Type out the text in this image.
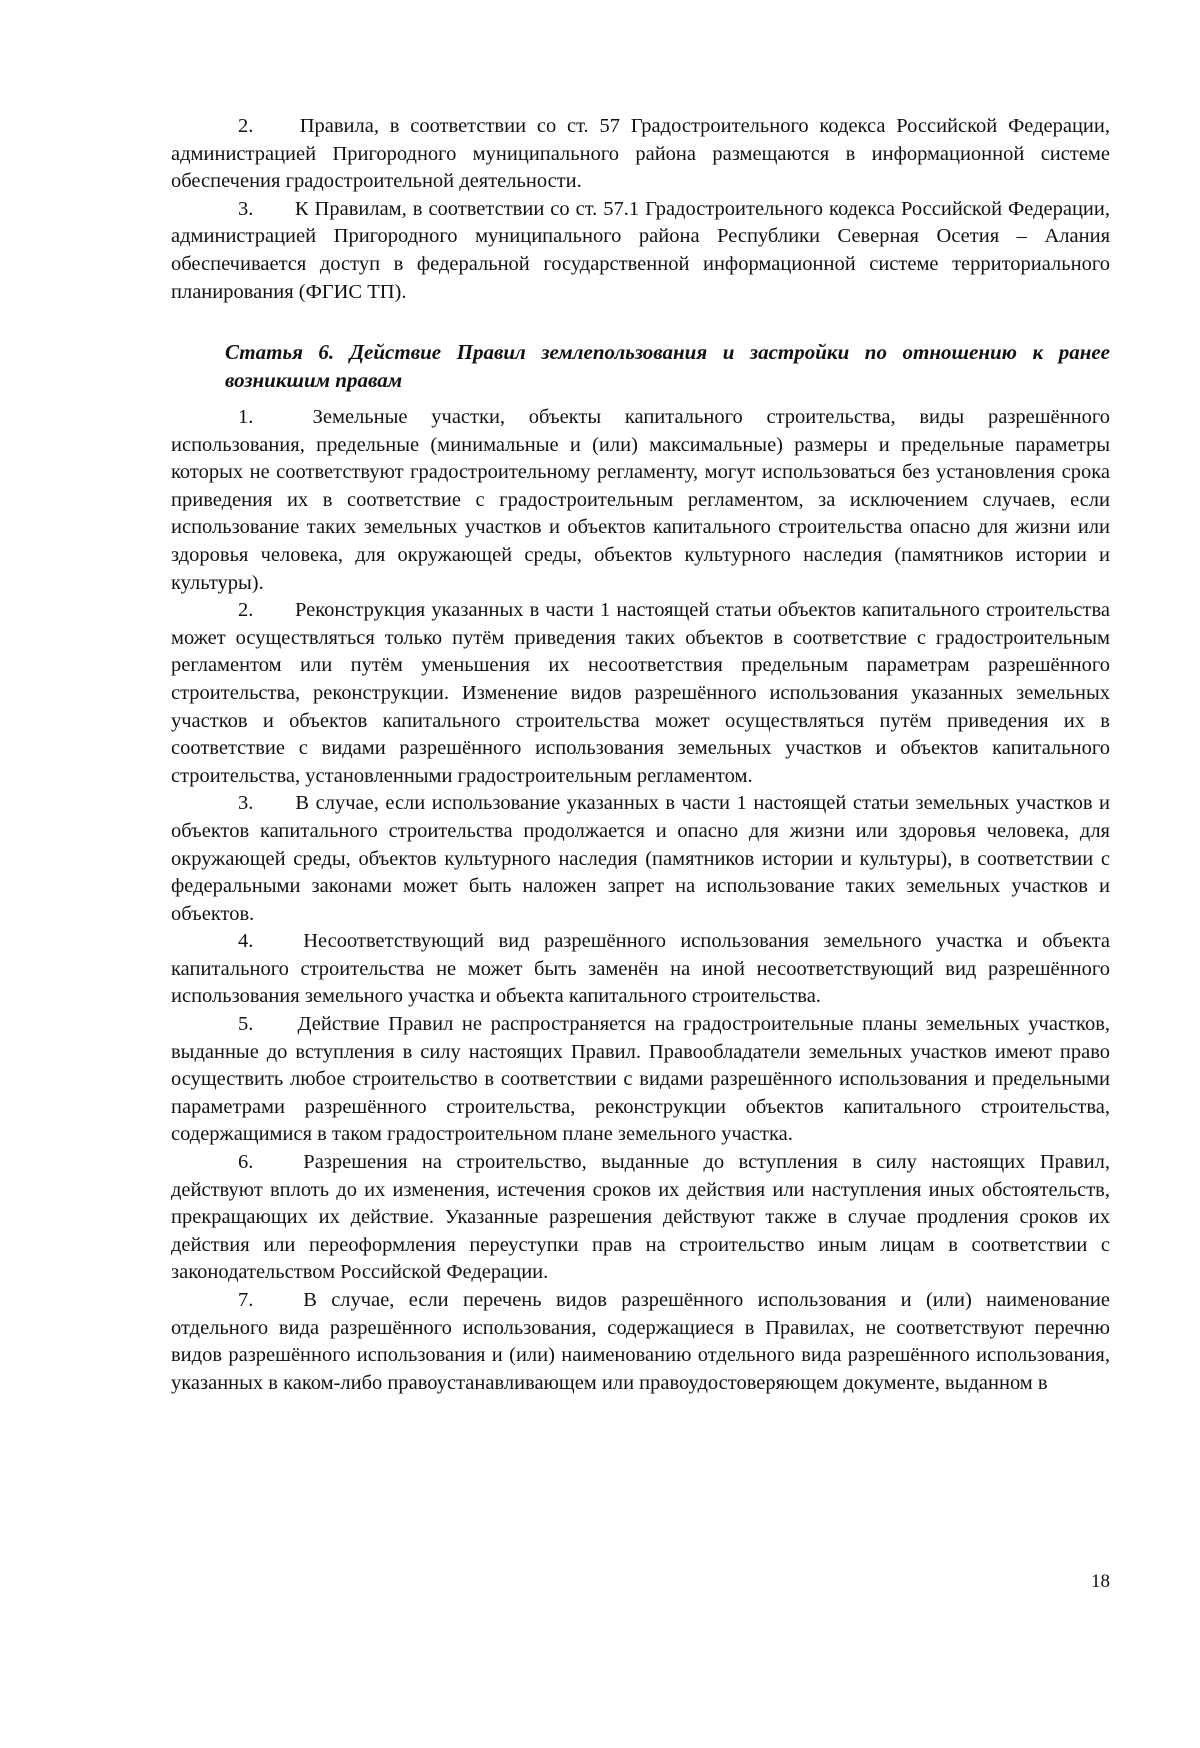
2.	Правила, в соответствии со ст. 57 Градостроительного кодекса Российской Федерации, администрацией Пригородного муниципального района размещаются в информационной системе обеспечения градостроительной деятельности.

3.	К Правилам, в соответствии со ст. 57.1 Градостроительного кодекса Российской Федерации, администрацией Пригородного муниципального района Республики Северная Осетия – Алания обеспечивается доступ в федеральной государственной информационной системе территориального планирования (ФГИС ТП).

Статья 6. Действие Правил землепользования и застройки по отношению к ранее возникшим правам

1.	Земельные участки, объекты капитального строительства, виды разрешённого использования, предельные (минимальные и (или) максимальные) размеры и предельные параметры которых не соответствуют градостроительному регламенту, могут использоваться без установления срока приведения их в соответствие с градостроительным регламентом, за исключением случаев, если использование таких земельных участков и объектов капитального строительства опасно для жизни или здоровья человека, для окружающей среды, объектов культурного наследия (памятников истории и культуры).

2.	Реконструкция указанных в части 1 настоящей статьи объектов капитального строительства может осуществляться только путём приведения таких объектов в соответствие с градостроительным регламентом или путём уменьшения их несоответствия предельным параметрам разрешённого строительства, реконструкции. Изменение видов разрешённого использования указанных земельных участков и объектов капитального строительства может осуществляться путём приведения их в соответствие с видами разрешённого использования земельных участков и объектов капитального строительства, установленными градостроительным регламентом.

3.	В случае, если использование указанных в части 1 настоящей статьи земельных участков и объектов капитального строительства продолжается и опасно для жизни или здоровья человека, для окружающей среды, объектов культурного наследия (памятников истории и культуры), в соответствии с федеральными законами может быть наложен запрет на использование таких земельных участков и объектов.

4.	Несоответствующий вид разрешённого использования земельного участка и объекта капитального строительства не может быть заменён на иной несоответствующий вид разрешённого использования земельного участка и объекта капитального строительства.

5.	Действие Правил не распространяется на градостроительные планы земельных участков, выданные до вступления в силу настоящих Правил. Правообладатели земельных участков имеют право осуществить любое строительство в соответствии с видами разрешённого использования и предельными параметрами разрешённого строительства, реконструкции объектов капитального строительства, содержащимися в таком градостроительном плане земельного участка.

6.	Разрешения на строительство, выданные до вступления в силу настоящих Правил, действуют вплоть до их изменения, истечения сроков их действия или наступления иных обстоятельств, прекращающих их действие. Указанные разрешения действуют также в случае продления сроков их действия или переоформления переуступки прав на строительство иным лицам в соответствии с законодательством Российской Федерации.

7.	В случае, если перечень видов разрешённого использования и (или) наименование отдельного вида разрешённого использования, содержащиеся в Правилах, не соответствуют перечню видов разрешённого использования и (или) наименованию отдельного вида разрешённого использования, указанных в каком-либо правоустанавливающем или правоудостоверяющем документе, выданном в

18
